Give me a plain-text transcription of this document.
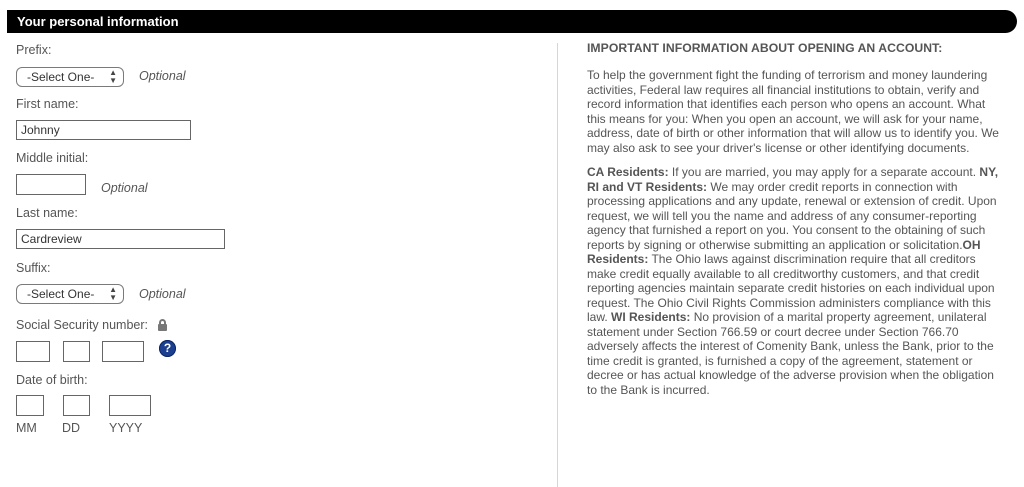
Your personal information
Prefix:
-Select One- ▲
▼ Optional
First name:
Johnny
Middle initial:
Optional
Last name:
Cardreview
Suffix:
-Select One- ▲
▼ Optional
Social Security number:
?
Date of birth:
MM DD YYYY
IMPORTANT INFORMATION ABOUT OPENING AN ACCOUNT:

To help the government fight the funding of terrorism and money laundering activities, Federal law requires all financial institutions to obtain, verify and record information that identifies each person who opens an account. What this means for you: When you open an account, we will ask for your name, address, date of birth or other information that will allow us to identify you. We may also ask to see your driver's license or other identifying documents.

CA Residents: If you are married, you may apply for a separate account. NY, RI and VT Residents: We may order credit reports in connection with processing applications and any update, renewal or extension of credit. Upon request, we will tell you the name and address of any consumer-reporting agency that furnished a report on you. You consent to the obtaining of such reports by signing or otherwise submitting an application or solicitation.OH Residents: The Ohio laws against discrimination require that all creditors make credit equally available to all creditworthy customers, and that credit reporting agencies maintain separate credit histories on each individual upon request. The Ohio Civil Rights Commission administers compliance with this law. WI Residents: No provision of a marital property agreement, unilateral statement under Section 766.59 or court decree under Section 766.70 adversely affects the interest of Comenity Bank, unless the Bank, prior to the time credit is granted, is furnished a copy of the agreement, statement or decree or has actual knowledge of the adverse provision when the obligation to the Bank is incurred.
